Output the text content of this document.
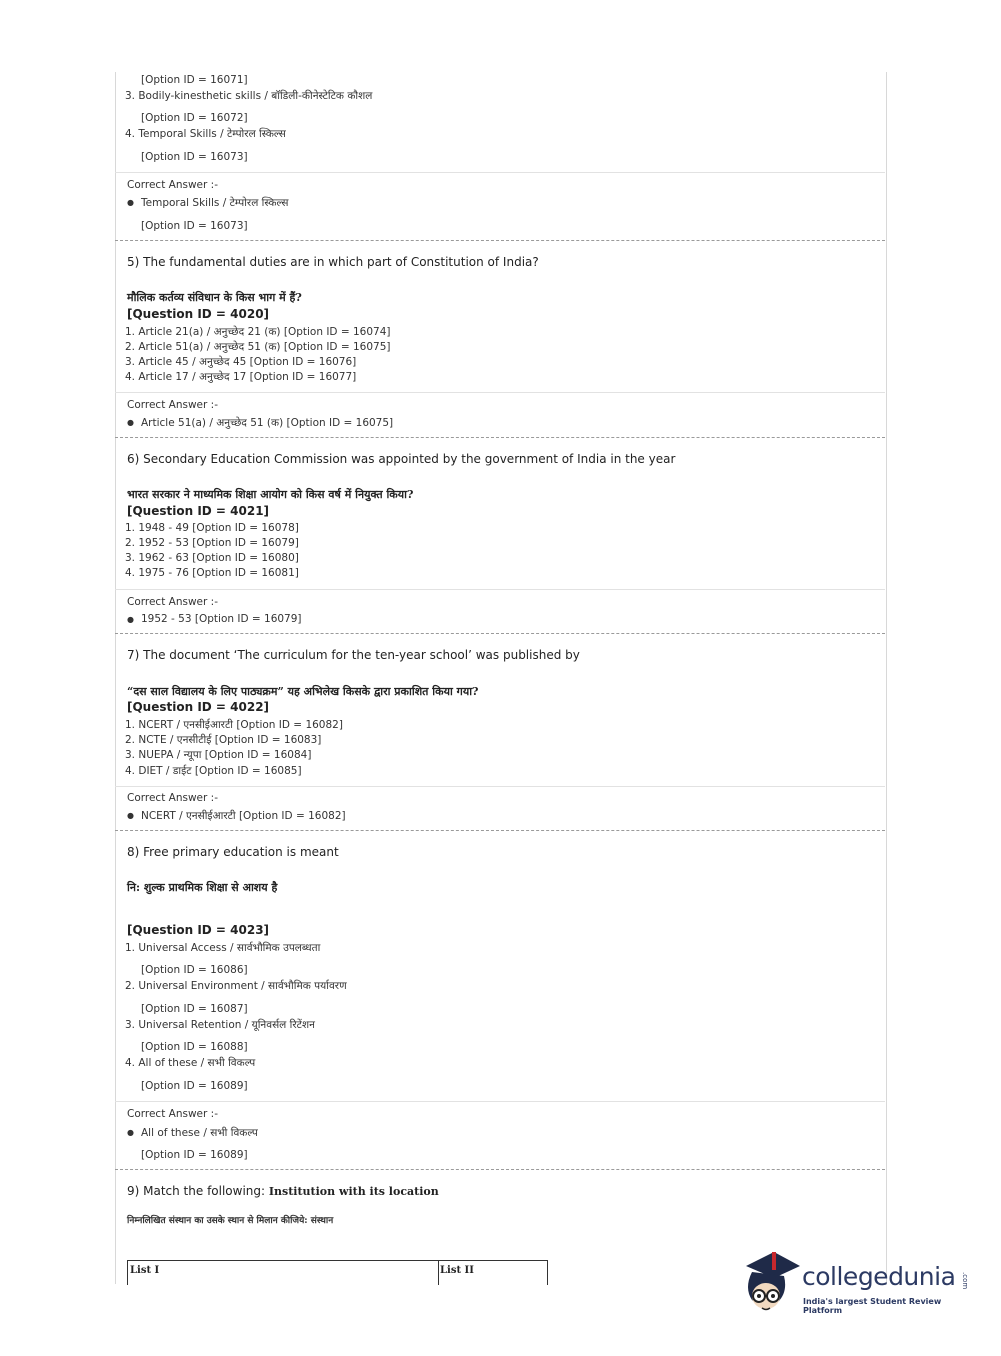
[Option ID = 16071]
3. Bodily-kinesthetic skills / बॉडिली-कीनेस्टेटिक कौशल
[Option ID = 16072]
4. Temporal Skills / टेम्पोरल स्किल्स
[Option ID = 16073]
Correct Answer :-
● Temporal Skills / टेम्पोरल स्किल्स
[Option ID = 16073]
5) The fundamental duties are in which part of Constitution of India?
मौलिक कर्तव्य संविधान के किस भाग में हैं?
[Question ID = 4020]
1. Article 21(a) / अनुच्छेद 21 (क) [Option ID = 16074]
2. Article 51(a) / अनुच्छेद 51 (क) [Option ID = 16075]
3. Article 45 / अनुच्छेद 45 [Option ID = 16076]
4. Article 17 / अनुच्छेद 17 [Option ID = 16077]
Correct Answer :-
● Article 51(a) / अनुच्छेद 51 (क) [Option ID = 16075]
6) Secondary Education Commission was appointed by the government of India in the year
भारत सरकार ने माध्यमिक शिक्षा आयोग को किस वर्ष में नियुक्त किया?
[Question ID = 4021]
1. 1948 - 49 [Option ID = 16078]
2. 1952 - 53 [Option ID = 16079]
3. 1962 - 63 [Option ID = 16080]
4. 1975 - 76 [Option ID = 16081]
Correct Answer :-
● 1952 - 53 [Option ID = 16079]
7) The document ‘The curriculum for the ten-year school’ was published by
“दस साल विद्यालय के लिए पाठ्यक्रम” यह अभिलेख किसके द्वारा प्रकाशित किया गया?
[Question ID = 4022]
1. NCERT / एनसीईआरटी [Option ID = 16082]
2. NCTE / एनसीटीई [Option ID = 16083]
3. NUEPA / न्यूपा [Option ID = 16084]
4. DIET / डाईट [Option ID = 16085]
Correct Answer :-
● NCERT / एनसीईआरटी [Option ID = 16082]
8) Free primary education is meant
नि: शुल्क प्राथमिक शिक्षा से आशय है
[Question ID = 4023]
1. Universal Access / सार्वभौमिक उपलब्धता
[Option ID = 16086]
2. Universal Environment / सार्वभौमिक पर्यावरण
[Option ID = 16087]
3. Universal Retention / यूनिवर्सल रिटेंशन
[Option ID = 16088]
4. All of these / सभी विकल्प
[Option ID = 16089]
Correct Answer :-
● All of these / सभी विकल्प
[Option ID = 16089]
9) Match the following: Institution with its location
निम्नलिखित संस्थान का उसके स्थान से मिलान कीजिये: संस्थान
List I	List II	collegedunia .com
India's largest Student Review Platform
